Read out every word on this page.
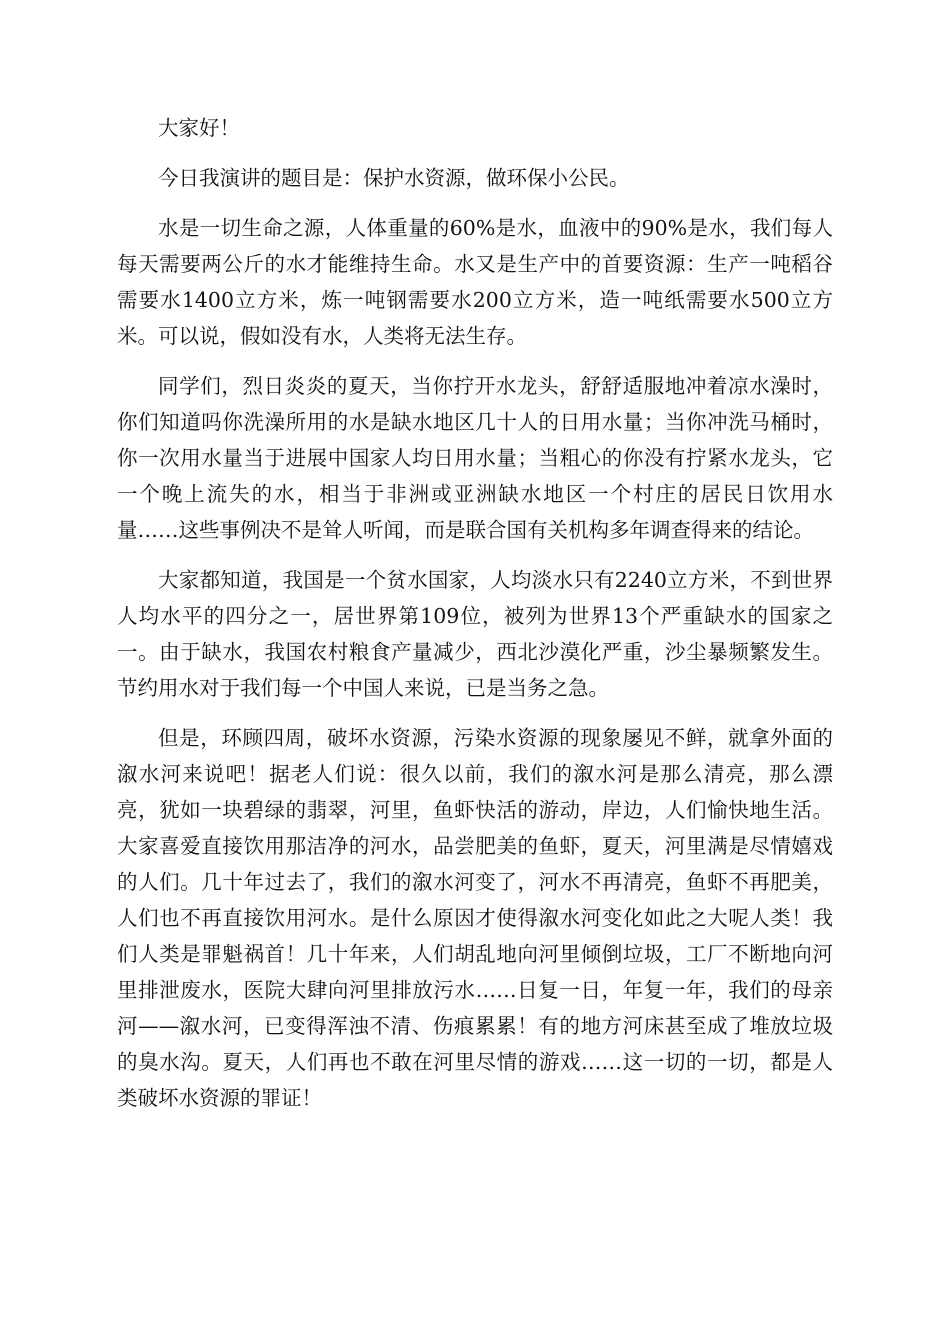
大家好！

今日我演讲的题目是：保护水资源，做环保小公民。

水是一切生命之源，人体重量的60%是水，血液中的90%是水，我们每人每天需要两公斤的水才能维持生命。水又是生产中的首要资源：生产一吨稻谷需要水1400立方米，炼一吨钢需要水200立方米，造一吨纸需要水500立方米。可以说，假如没有水，人类将无法生存。

同学们，烈日炎炎的夏天，当你拧开水龙头，舒舒适服地冲着凉水澡时，你们知道吗你洗澡所用的水是缺水地区几十人的日用水量；当你冲洗马桶时，你一次用水量当于进展中国家人均日用水量；当粗心的你没有拧紧水龙头，它一个晚上流失的水，相当于非洲或亚洲缺水地区一个村庄的居民日饮用水量……这些事例决不是耸人听闻，而是联合国有关机构多年调查得来的结论。

大家都知道，我国是一个贫水国家，人均淡水只有2240立方米，不到世界人均水平的四分之一，居世界第109位，被列为世界13个严重缺水的国家之一。由于缺水，我国农村粮食产量减少，西北沙漠化严重，沙尘暴频繁发生。节约用水对于我们每一个中国人来说，已是当务之急。

但是，环顾四周，破坏水资源，污染水资源的现象屡见不鲜，就拿外面的溆水河来说吧！据老人们说：很久以前，我们的溆水河是那么清亮，那么漂亮，犹如一块碧绿的翡翠，河里，鱼虾快活的游动，岸边，人们愉快地生活。大家喜爱直接饮用那洁净的河水，品尝肥美的鱼虾，夏天，河里满是尽情嬉戏的人们。几十年过去了，我们的溆水河变了，河水不再清亮，鱼虾不再肥美，人们也不再直接饮用河水。是什么原因才使得溆水河变化如此之大呢人类！我们人类是罪魁祸首！几十年来，人们胡乱地向河里倾倒垃圾，工厂不断地向河里排泄废水，医院大肆向河里排放污水……日复一日，年复一年，我们的母亲河——溆水河，已变得浑浊不清、伤痕累累！有的地方河床甚至成了堆放垃圾的臭水沟。夏天，人们再也不敢在河里尽情的游戏……这一切的一切，都是人类破坏水资源的罪证！
